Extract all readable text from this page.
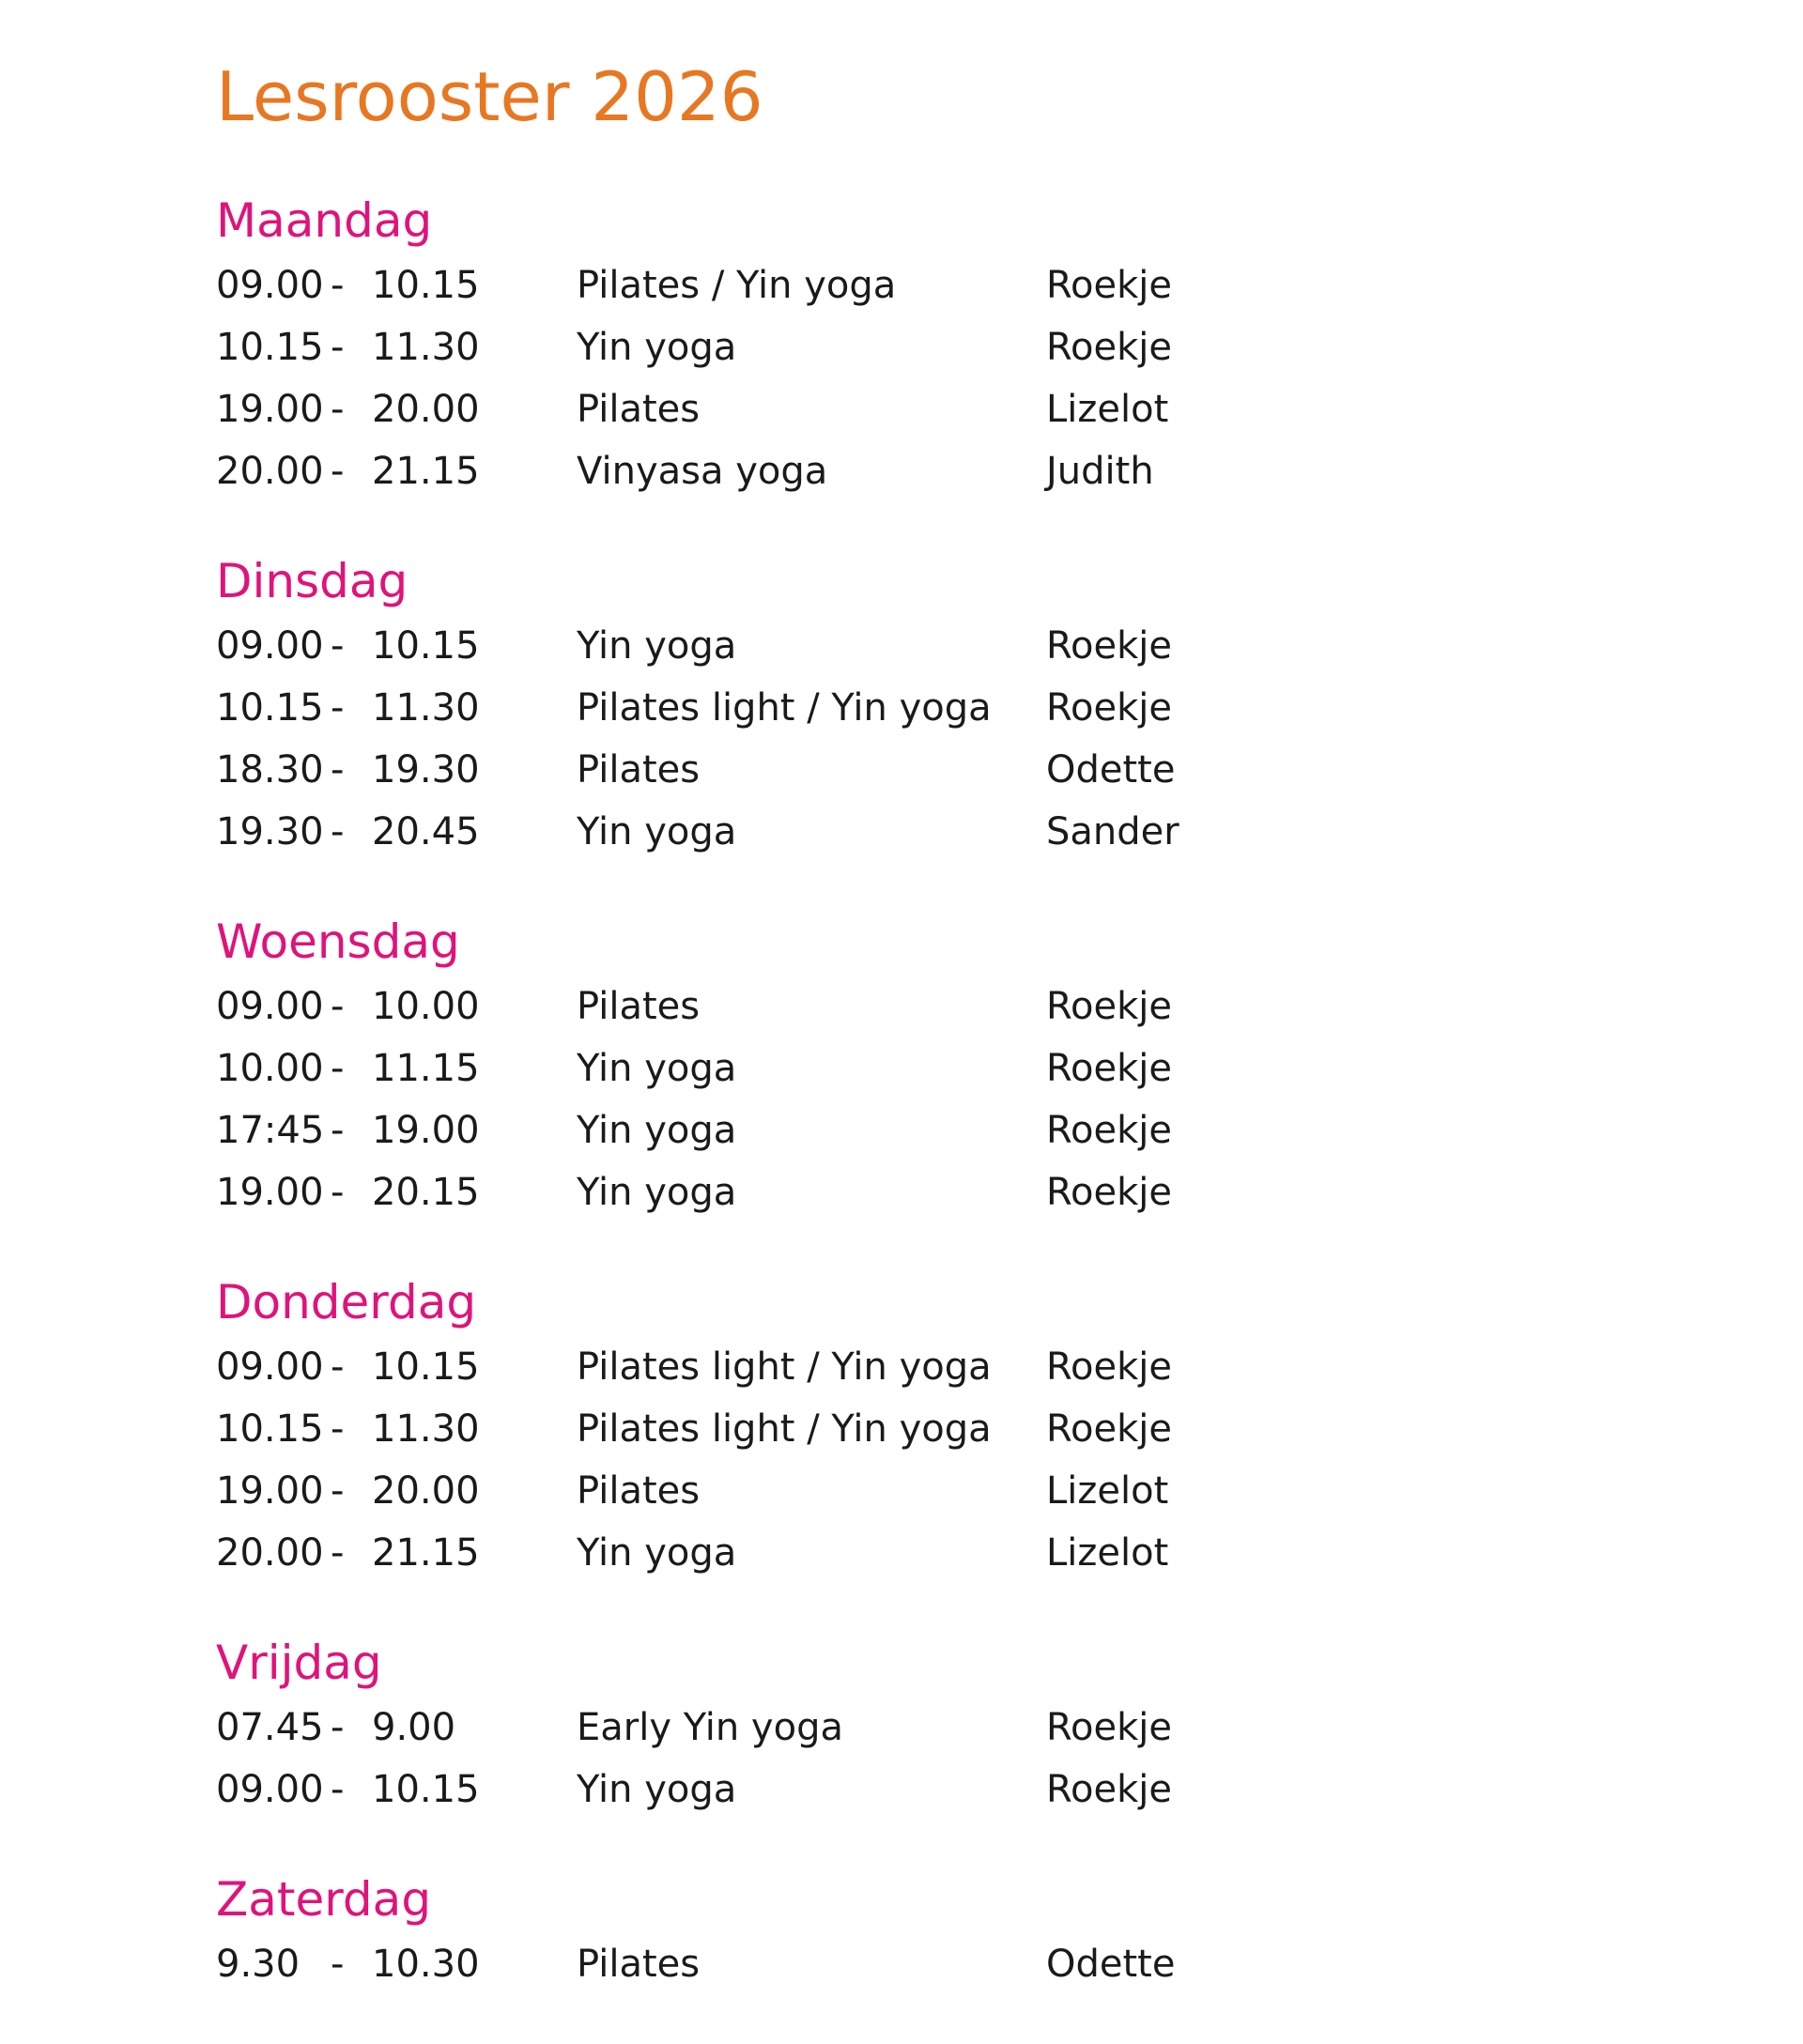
Lesrooster 2026
Maandag
09.00 - 10.15	Pilates / Yin yoga	Roekje
10.15 - 11.30	Yin yoga	Roekje
19.00 - 20.00	Pilates	Lizelot
20.00 - 21.15	Vinyasa yoga	Judith
Dinsdag
09.00 - 10.15	Yin yoga	Roekje
10.15 - 11.30	Pilates light / Yin yoga	Roekje
18.30 - 19.30	Pilates	Odette
19.30 - 20.45	Yin yoga	Sander
Woensdag
09.00 - 10.00	Pilates	Roekje
10.00 - 11.15	Yin yoga	Roekje
17:45 - 19.00	Yin yoga	Roekje
19.00 - 20.15	Yin yoga	Roekje
Donderdag
09.00 - 10.15	Pilates light / Yin yoga	Roekje
10.15 - 11.30	Pilates light / Yin yoga	Roekje
19.00 - 20.00	Pilates	Lizelot
20.00 - 21.15	Yin yoga	Lizelot
Vrijdag
07.45 - 9.00	Early Yin yoga	Roekje
09.00 - 10.15	Yin yoga	Roekje
Zaterdag
9.30 - 10.30	Pilates	Odette
